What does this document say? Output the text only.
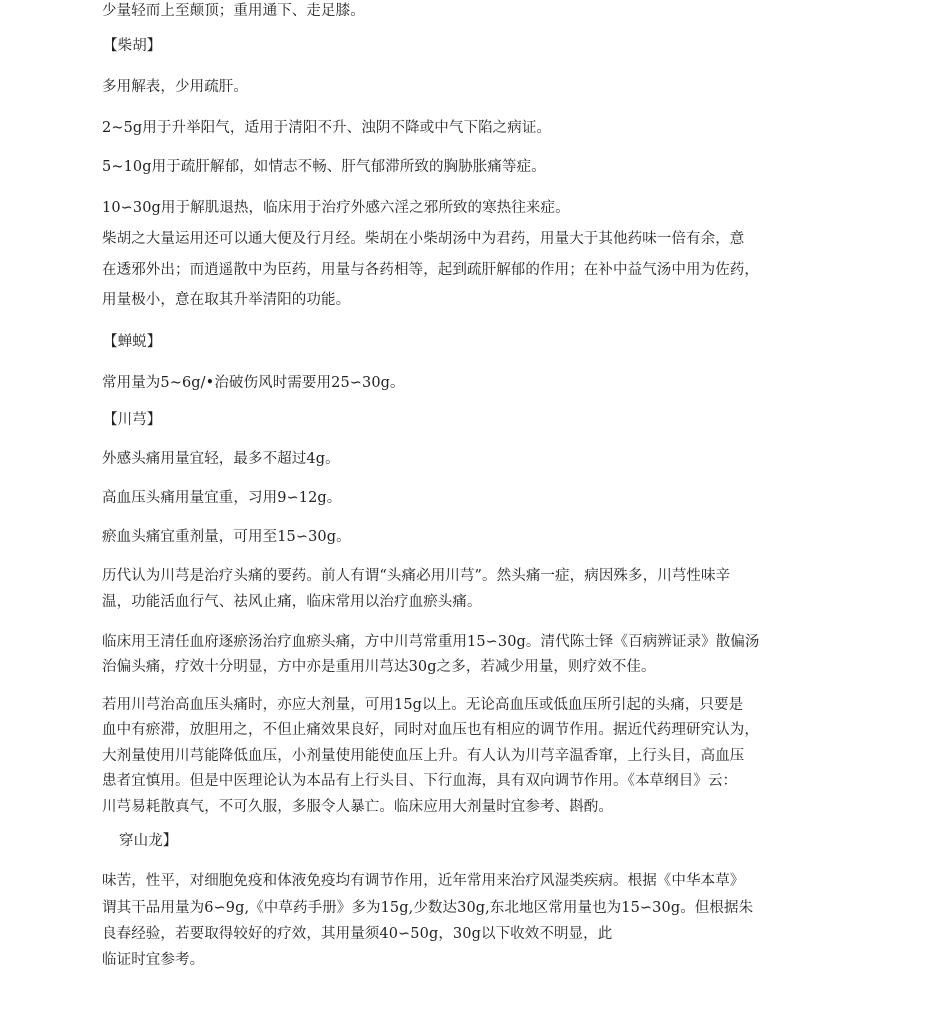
少量轻而上至颠顶；重用通下、走足膝。
【柴胡】
多用解表，少用疏肝。
2~5g用于升举阳气，适用于清阳不升、浊阴不降或中气下陷之病证。
5~10g用于疏肝解郁，如情志不畅、肝气郁滞所致的胸胁胀痛等症。
10∽30g用于解肌退热，临床用于治疗外感六淫之邪所致的寒热往来症。
柴胡之大量运用还可以通大便及行月经。柴胡在小柴胡汤中为君药，用量大于其他药味一倍有余，意
在透邪外出；而逍遥散中为臣药，用量与各药相等，起到疏肝解郁的作用；在补中益气汤中用为佐药，
用量极小，意在取其升举清阳的功能。
【蝉蜕】
常用量为5~6g/•治破伤风时需要用25∽30g。
【川芎】
外感头痛用量宜轻，最多不超过4g。
高血压头痛用量宜重，习用9∽12g。
瘀血头痛宜重剂量，可用至15∽30g。
历代认为川芎是治疗头痛的要药。前人有谓“头痛必用川芎”。然头痛一症，病因殊多，川芎性味辛
温，功能活血行气、祛风止痛，临床常用以治疗血瘀头痛。
临床用王清任血府逐瘀汤治疗血瘀头痛，方中川芎常重用15∽30g。清代陈士铎《百病辨证录》散偏汤
治偏头痛，疗效十分明显，方中亦是重用川芎达30g之多，若减少用量，则疗效不佳。
若用川芎治高血压头痛时，亦应大剂量，可用15g以上。无论高血压或低血压所引起的头痛，只要是
血中有瘀滞，放胆用之，不但止痛效果良好，同时对血压也有相应的调节作用。据近代药理研究认为，
大剂量使用川芎能降低血压，小剂量使用能使血压上升。有人认为川芎辛温香窜，上行头目，高血压
患者宜慎用。但是中医理论认为本品有上行头目、下行血海，具有双向调节作用。《本草纲目》云：
川芎易耗散真气，不可久服，多服令人暴亡。临床应用大剂量时宜参考、斟酌。
穿山龙】
味苦，性平，对细胞免疫和体液免疫均有调节作用，近年常用来治疗风湿类疾病。根据《中华本草》
谓其干品用量为6∽9g,《中草药手册》多为15g,少数达30g,东北地区常用量也为15∽30g。但根据朱
良春经验，若要取得较好的疗效，其用量须40∽50g，30g以下收效不明显，此
临证时宜参考。
